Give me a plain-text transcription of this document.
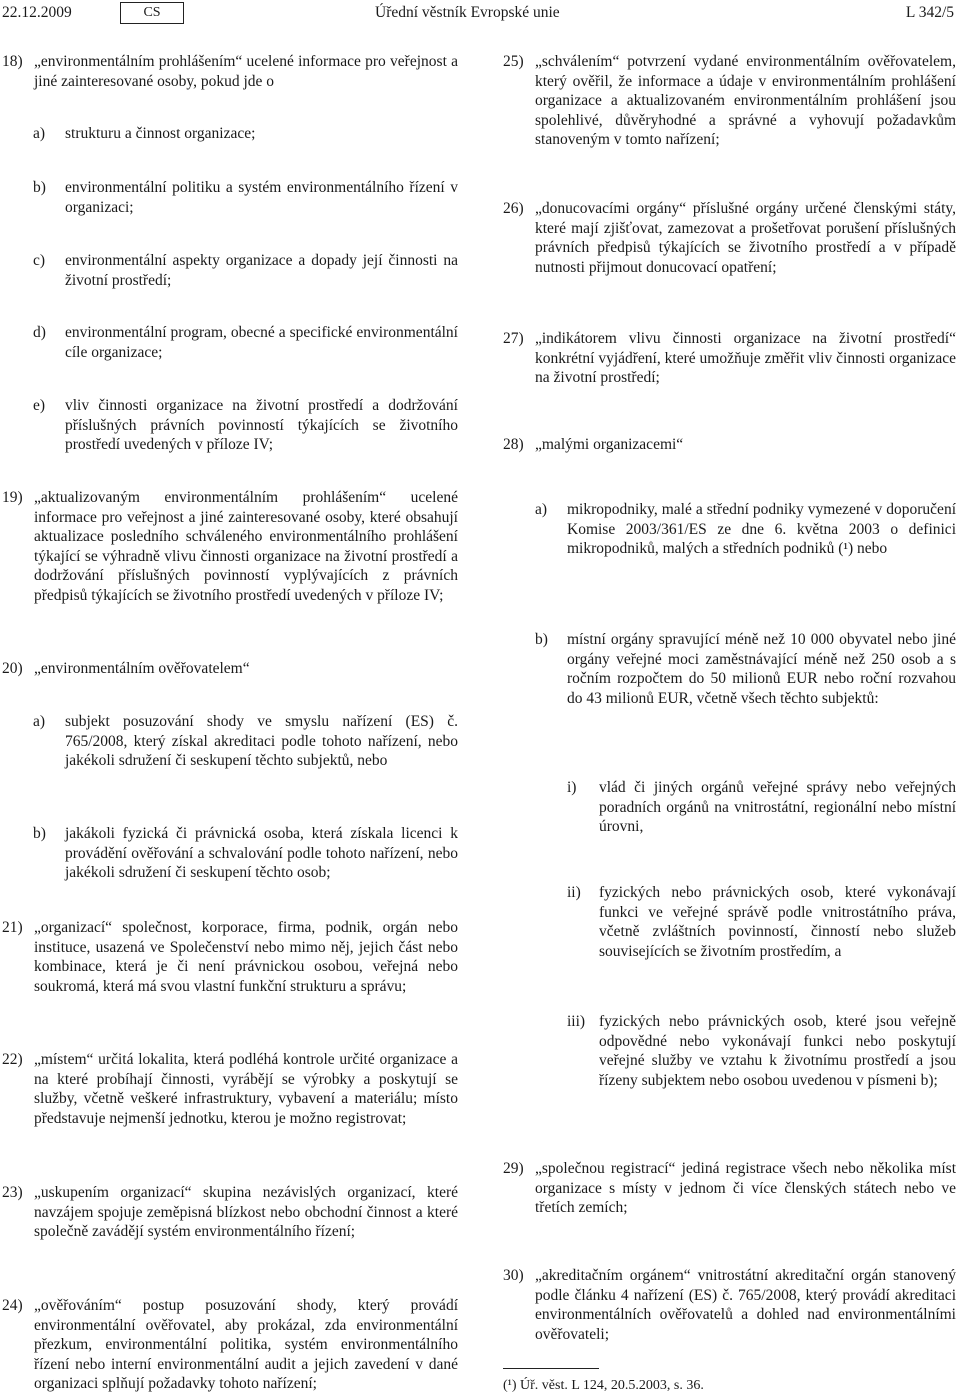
22.12.2009	CS	Úřední věstník Evropské unie	L 342/5
18) „environmentálním prohlášením“ ucelené informace pro veřejnost a jiné zainteresované osoby, pokud jde o
a)	strukturu a činnost organizace;
b)	environmentální politiku a systém environmentálního řízení v organizaci;
c)	environmentální aspekty organizace a dopady její činnosti na životní prostředí;
d)	environmentální program, obecné a specifické environmentální cíle organizace;
e)	vliv činnosti organizace na životní prostředí a dodržování příslušných právních povinností týkajících se životního prostředí uvedených v příloze IV;
19) „aktualizovaným environmentálním prohlášením“ ucelené informace pro veřejnost a jiné zainteresované osoby, které obsahují aktualizace posledního schváleného environmentálního prohlášení týkající se výhradně vlivu činnosti organizace na životní prostředí a dodržování příslušných povinností vyplývajících z právních předpisů týkajících se životního prostředí uvedených v příloze IV;
20) „environmentálním ověřovatelem“
a)	subjekt posuzování shody ve smyslu nařízení (ES) č. 765/2008, který získal akreditaci podle tohoto nařízení, nebo jakékoli sdružení či seskupení těchto subjektů, nebo
b)	jakákoli fyzická či právnická osoba, která získala licenci k provádění ověřování a schvalování podle tohoto nařízení, nebo jakékoli sdružení či seskupení těchto osob;
21) „organizací“ společnost, korporace, firma, podnik, orgán nebo instituce, usazená ve Společenství nebo mimo něj, jejich část nebo kombinace, která je či není právnickou osobou, veřejná nebo soukromá, která má svou vlastní funkční strukturu a správu;
22) „místem“ určitá lokalita, která podléhá kontrole určité organizace a na které probíhají činnosti, vyrábějí se výrobky a poskytují se služby, včetně veškeré infrastruktury, vybavení a materiálu; místo představuje nejmenší jednotku, kterou je možno registrovat;
23) „uskupením organizací“ skupina nezávislých organizací, které navzájem spojuje zeměpisná blízkost nebo obchodní činnost a které společně zavádějí systém environmentálního řízení;
24) „ověřováním“ postup posuzování shody, který provádí environmentální ověřovatel, aby prokázal, zda environmentální přezkum, environmentální politika, systém environmentálního řízení nebo interní environmentální audit a jejich zavedení v dané organizaci splňují požadavky tohoto nařízení;
25) „schválením“ potvrzení vydané environmentálním ověřovatelem, který ověřil, že informace a údaje v environmentálním prohlášení organizace a aktualizovaném environmentálním prohlášení jsou spolehlivé, důvěryhodné a správné a vyhovují požadavkům stanoveným v tomto nařízení;
26) „donucovacími orgány“ příslušné orgány určené členskými státy, které mají zjišťovat, zamezovat a prošetřovat porušení příslušných právních předpisů týkajících se životního prostředí a v případě nutnosti přijmout donucovací opatření;
27) „indikátorem vlivu činnosti organizace na životní prostředí“ konkrétní vyjádření, které umožňuje změřit vliv činnosti organizace na životní prostředí;
28) „malými organizacemi“
a)	mikropodniky, malé a střední podniky vymezené v doporučení Komise 2003/361/ES ze dne 6. května 2003 o definici mikropodniků, malých a středních podniků (¹) nebo
b)	místní orgány spravující méně než 10 000 obyvatel nebo jiné orgány veřejné moci zaměstnávající méně než 250 osob a s ročním rozpočtem do 50 milionů EUR nebo roční rozvahou do 43 milionů EUR, včetně všech těchto subjektů:
i)	vlád či jiných orgánů veřejné správy nebo veřejných poradních orgánů na vnitrostátní, regionální nebo místní úrovni,
ii)	fyzických nebo právnických osob, které vykonávají funkci ve veřejné správě podle vnitrostátního práva, včetně zvláštních povinností, činností nebo služeb souvisejících se životním prostředím, a
iii) fyzických nebo právnických osob, které jsou veřejně odpovědné nebo vykonávají funkci nebo poskytují veřejné služby ve vztahu k životnímu prostředí a jsou řízeny subjektem nebo osobou uvedenou v písmeni b);
29) „společnou registrací“ jediná registrace všech nebo několika míst organizace s místy v jednom či více členských státech nebo ve třetích zemích;
30) „akreditačním orgánem“ vnitrostátní akreditační orgán stanovený podle článku 4 nařízení (ES) č. 765/2008, který provádí akreditaci environmentálních ověřovatelů a dohled nad environmentálními ověřovateli;
(¹) Úř. věst. L 124, 20.5.2003, s. 36.
